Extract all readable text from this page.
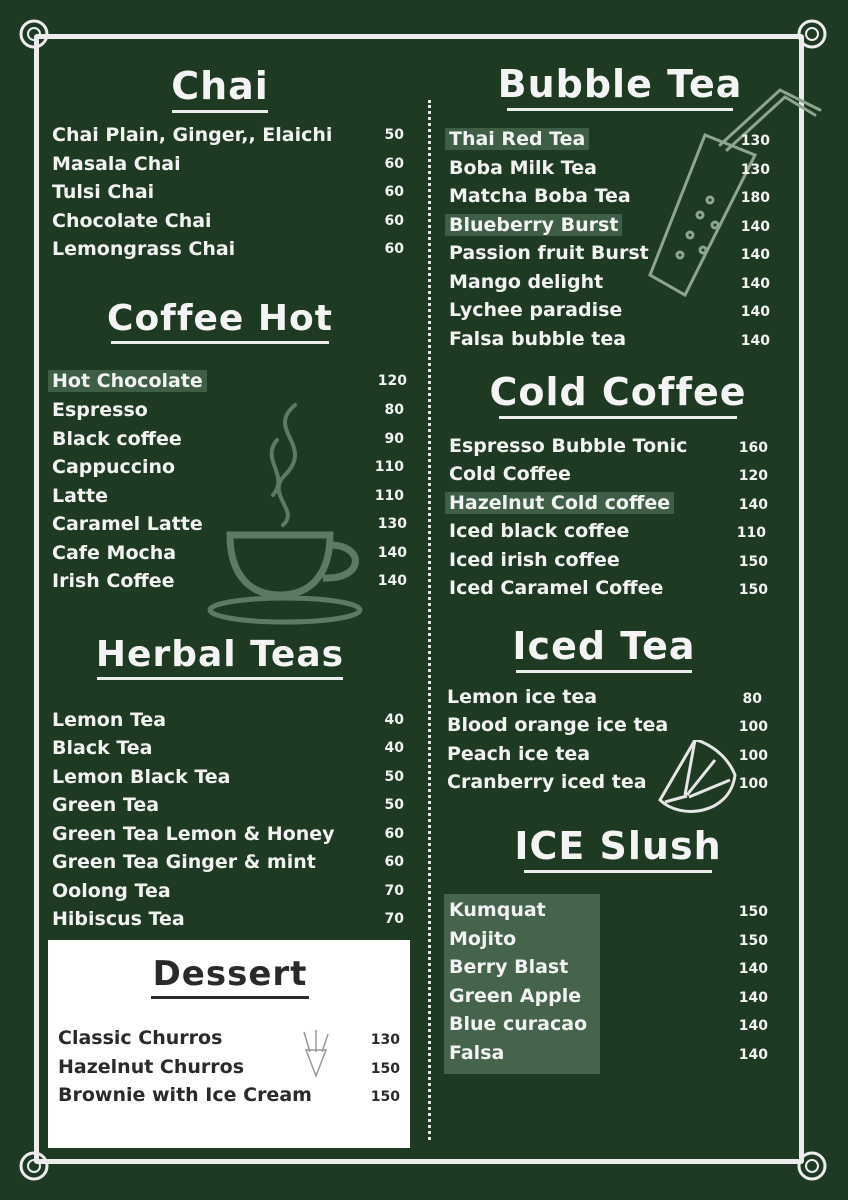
Chai
Chai Plain, Ginger,, Elaichi	50
Masala Chai	60
Tulsi Chai	60
Chocolate Chai	60
Lemongrass Chai	60
Coffee Hot
Hot Chocolate	120
Espresso	80
Black coffee	90
Cappuccino	110
Latte	110
Caramel Latte	130
Cafe Mocha	140
Irish Coffee	140
Herbal Teas
Lemon Tea	40
Black Tea	40
Lemon Black Tea	50
Green Tea	50
Green Tea Lemon & Honey	60
Green Tea Ginger & mint	60
Oolong Tea	70
Hibiscus Tea	70
Dessert
Classic Churros	130
Hazelnut Churros	150
Brownie with Ice Cream	150
Bubble Tea
Thai Red Tea	130
Boba Milk Tea	130
Matcha Boba Tea	180
Blueberry Burst	140
Passion fruit Burst	140
Mango delight	140
Lychee paradise	140
Falsa bubble tea	140
Cold Coffee
Espresso Bubble Tonic	160
Cold Coffee	120
Hazelnut Cold coffee	140
Iced black coffee	110
Iced irish coffee	150
Iced Caramel Coffee	150
Iced Tea
Lemon ice tea	80
Blood orange ice tea	100
Peach ice tea	100
Cranberry iced tea	100
ICE Slush
Kumquat	150
Mojito	150
Berry Blast	140
Green Apple	140
Blue curacao	140
Falsa	140
